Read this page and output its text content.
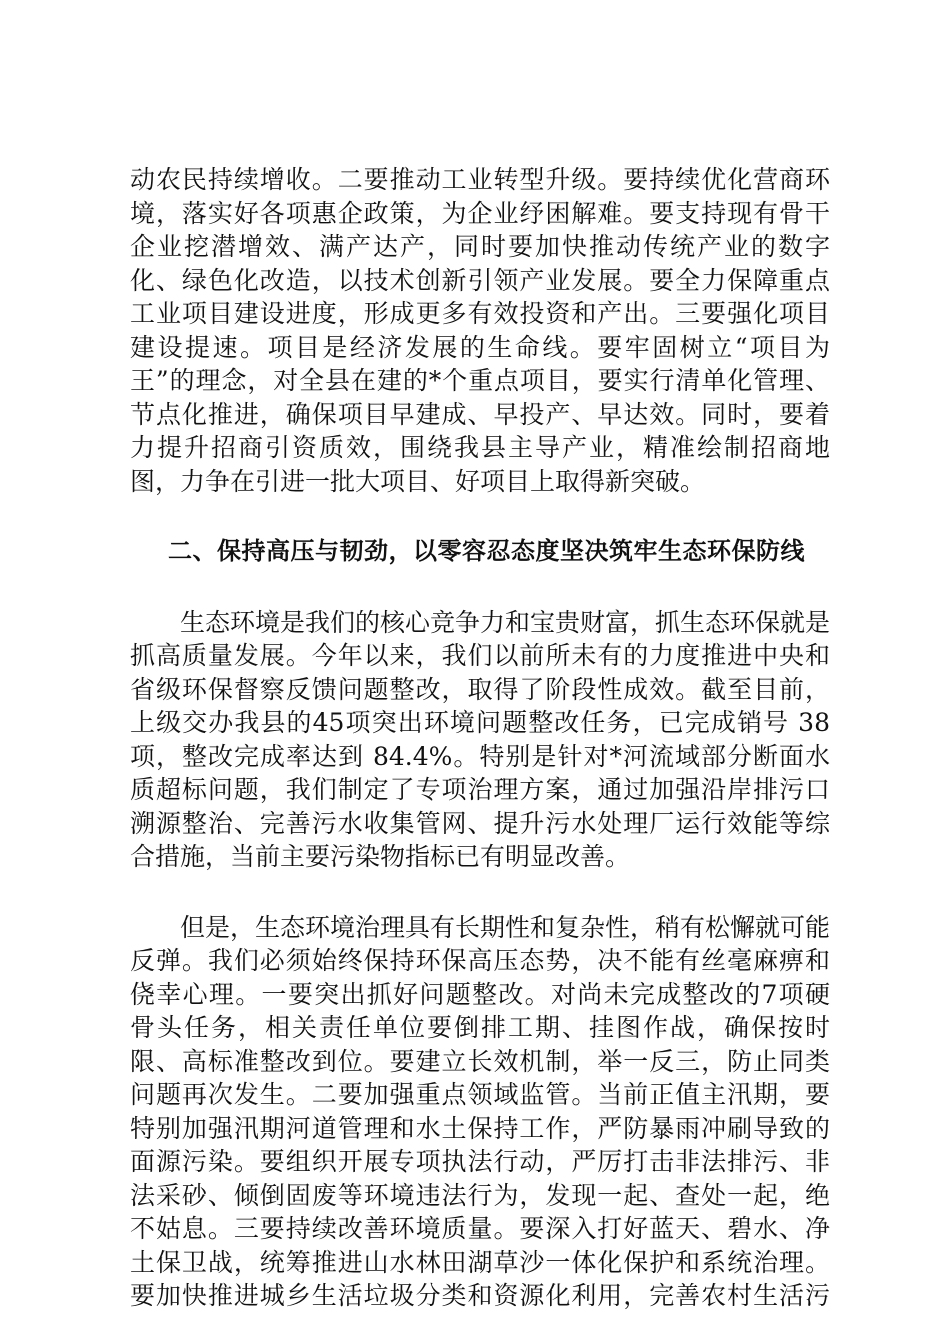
动农民持续增收。二要推动工业转型升级。要持续优化营商环
境，落实好各项惠企政策，为企业纾困解难。要支持现有骨干
企业挖潜增效、满产达产，同时要加快推动传统产业的数字
化、绿色化改造，以技术创新引领产业发展。要全力保障重点
工业项目建设进度，形成更多有效投资和产出。三要强化项目
建设提速。项目是经济发展的生命线。要牢固树立“项目为
王”的理念，对全县在建的*个重点项目，要实行清单化管理、
节点化推进，确保项目早建成、早投产、早达效。同时，要着
力提升招商引资质效，围绕我县主导产业，精准绘制招商地
图，力争在引进一批大项目、好项目上取得新突破。
二、保持高压与韧劲，以零容忍态度坚决筑牢生态环保防线
　　生态环境是我们的核心竞争力和宝贵财富，抓生态环保就是
抓高质量发展。今年以来，我们以前所未有的力度推进中央和
省级环保督察反馈问题整改，取得了阶段性成效。截至目前，
上级交办我县的45项突出环境问题整改任务，已完成销号 38
项，整改完成率达到 84.4%。特别是针对*河流域部分断面水
质超标问题，我们制定了专项治理方案，通过加强沿岸排污口
溯源整治、完善污水收集管网、提升污水处理厂运行效能等综
合措施，当前主要污染物指标已有明显改善。
　　但是，生态环境治理具有长期性和复杂性，稍有松懈就可能
反弹。我们必须始终保持环保高压态势，决不能有丝毫麻痹和
侥幸心理。一要突出抓好问题整改。对尚未完成整改的7项硬
骨头任务，相关责任单位要倒排工期、挂图作战，确保按时
限、高标准整改到位。要建立长效机制，举一反三，防止同类
问题再次发生。二要加强重点领域监管。当前正值主汛期，要
特别加强汛期河道管理和水土保持工作，严防暴雨冲刷导致的
面源污染。要组织开展专项执法行动，严厉打击非法排污、非
法采砂、倾倒固废等环境违法行为，发现一起、查处一起，绝
不姑息。三要持续改善环境质量。要深入打好蓝天、碧水、净
土保卫战，统筹推进山水林田湖草沙一体化保护和系统治理。
要加快推进城乡生活垃圾分类和资源化利用，完善农村生活污
